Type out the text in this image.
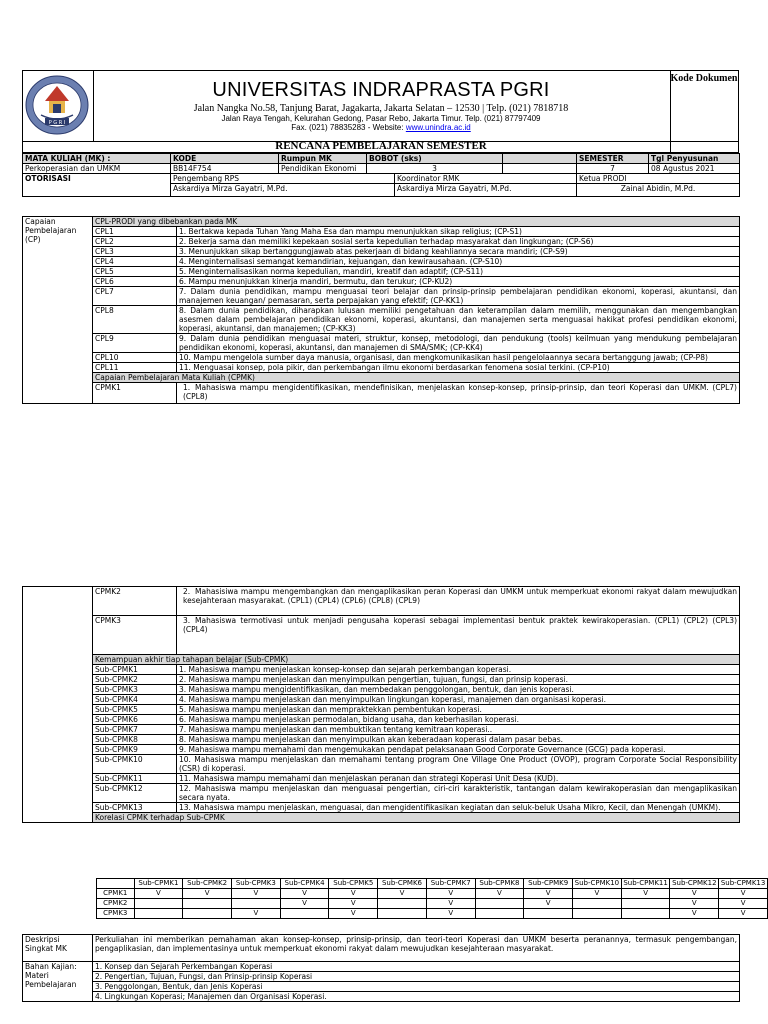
P G R I
UNIVERSITAS INDRAPRASTA PGRI
Jalan Nangka No.58, Tanjung Barat, Jagakarta, Jakarta Selatan – 12530 | Telp. (021) 7818718
Jalan Raya Tengah, Kelurahan Gedong, Pasar Rebo, Jakarta Timur. Telp. (021) 87797409
Fax. (021) 78835283 - Website: www.unindra.ac.id
Kode Dokumen
RENCANA PEMBELAJARAN SEMESTER
MATA KULIAH (MK) :	KODE	Rumpun MK	BOBOT (sks)			SEMESTER	Tgl Penyusunan
Perkoperasian dan UMKM	BB14F754	Pendidikan Ekonomi	3			7	08 Agustus 2021
OTORISASI	Pengembang RPS			Koordinator RMK		Ketua PRODI	
	Askardiya Mirza Gayatri, M.Pd.			Askardiya Mirza Gayatri, M.Pd.		Zainal Abidin, M.Pd.	
Capaian Pembelajaran (CP)	CPL-PRODI yang dibebankan pada MK	
	CPL1	1. Bertakwa kepada Tuhan Yang Maha Esa dan mampu menunjukkan sikap religius; (CP-S1)
	CPL2	2. Bekerja sama dan memiliki kepekaan sosial serta kepedulian terhadap masyarakat dan lingkungan; (CP-S6)
	CPL3	3. Menunjukkan sikap bertanggungjawab atas pekerjaan di bidang keahliannya secara mandiri; (CP-S9)
	CPL4	4. Menginternalisasi semangat kemandirian, kejuangan, dan kewirausahaan. (CP-S10)
	CPL5	5. Menginternalisasikan norma kepedulian, mandiri, kreatif dan adaptif; (CP-S11)
	CPL6	6. Mampu menunjukkan kinerja mandiri, bermutu, dan terukur; (CP-KU2)
	CPL7	7. Dalam dunia pendidikan, mampu menguasai teori belajar dan prinsip-prinsip pembelajaran pendidikan ekonomi, koperasi, akuntansi, dan manajemen keuangan/ pemasaran, serta perpajakan yang efektif; (CP-KK1)
	CPL8	8. Dalam dunia pendidikan, diharapkan lulusan memiliki pengetahuan dan keterampilan dalam memilih, menggunakan dan mengembangkan asesmen dalam pembelajaran pendidikan ekonomi, koperasi, akuntansi, dan manajemen serta menguasai hakikat profesi pendidikan ekonomi, koperasi, akuntansi, dan manajemen; (CP-KK3)
	CPL9	9. Dalam dunia pendidikan menguasai materi, struktur, konsep, metodologi, dan pendukung (tools) keilmuan yang mendukung pembelajaran pendidikan ekonomi, koperasi, akuntansi, dan manajemen di SMA/SMK; (CP-KK4)
	CPL10	10. Mampu mengelola sumber daya manusia, organisasi, dan mengkomunikasikan hasil pengelolaannya secara bertanggung jawab; (CP-P8)
	CPL11	11. Menguasai konsep, pola pikir, dan perkembangan ilmu ekonomi berdasarkan fenomena sosial terkini. (CP-P10)
	Capaian Pembelajaran Mata Kuliah (CPMK)	
	CPMK1	1. Mahasiswa mampu mengidentifikasikan, mendefinisikan, menjelaskan konsep-konsep, prinsip-prinsip, dan teori Koperasi dan UMKM. (CPL7) (CPL8)
	CPMK2	2. Mahasisiwa mampu mengembangkan dan mengaplikasikan peran Koperasi dan UMKM untuk memperkuat ekonomi rakyat dalam mewujudkan kesejahteraan masyarakat. (CPL1) (CPL4) (CPL6) (CPL8) (CPL9)
	CPMK3	3. Mahasiswa termotivasi untuk menjadi pengusaha koperasi sebagai implementasi bentuk praktek kewirakoperasian. (CPL1) (CPL2) (CPL3) (CPL4)
	Kemampuan akhir tiap tahapan belajar (Sub-CPMK)	
	Sub-CPMK1	1. Mahasiswa mampu menjelaskan konsep-konsep dan sejarah perkembangan koperasi.
	Sub-CPMK2	2. Mahasiswa mampu menjelaskan dan menyimpulkan pengertian, tujuan, fungsi, dan prinsip koperasi.
	Sub-CPMK3	3. Mahasiswa mampu mengidentifikasikan, dan membedakan penggolongan, bentuk, dan jenis koperasi.
	Sub-CPMK4	4. Mahasiswa mampu menjelaskan dan menyimpulkan lingkungan koperasi, manajemen dan organisasi koperasi.
	Sub-CPMK5	5. Mahasiswa mampu menjelaskan dan mempraktekkan pembentukan koperasi.
	Sub-CPMK6	6. Mahasiswa mampu menjelaskan permodalan, bidang usaha, dan keberhasilan koperasi.
	Sub-CPMK7	7. Mahasiswa mampu menjelaskan dan membuktikan tentang kemitraan koperasi..
	Sub-CPMK8	8. Mahasiswa mampu menjelaskan dan menyimpulkan akan keberadaan koperasi dalam pasar bebas.
	Sub-CPMK9	9. Mahasiswa mampu memahami dan mengemukakan pendapat pelaksanaan Good Corporate Governance (GCG) pada koperasi.
	Sub-CPMK10	10. Mahasiswa mampu menjelaskan dan memahami tentang program One Village One Product (OVOP), program Corporate Social Responsibility (CSR) di koperasi.
	Sub-CPMK11	11. Mahasiswa mampu memahami dan menjelaskan peranan dan strategi Koperasi Unit Desa (KUD).
	Sub-CPMK12	12. Mahasiswa mampu menjelaskan dan menguasai pengertian, ciri-ciri karakteristik, tantangan dalam kewirakoperasian dan mengaplikasikan secara nyata.
	Sub-CPMK13	13. Mahasiswa mampu menjelaskan, menguasai, dan mengidentifikasikan kegiatan dan seluk-beluk Usaha Mikro, Kecil, dan Menengah (UMKM).
	Korelasi CPMK terhadap Sub-CPMK	
	Sub-CPMK1	Sub-CPMK2	Sub-CPMK3	Sub-CPMK4	Sub-CPMK5	Sub-CPMK6	Sub-CPMK7	Sub-CPMK8	Sub-CPMK9	Sub-CPMK10	Sub-CPMK11	Sub-CPMK12	Sub-CPMK13
CPMK1	V	V	V	V	V	V	V	V	V	V	V	V	V
CPMK2				V	V		V		V			V	V
CPMK3			V		V		V					V	V
Deskripsi Singkat MK	Perkuliahan ini memberikan pemahaman akan konsep-konsep, prinsip-prinsip, dan teori-teori Koperasi dan UMKM beserta peranannya, termasuk pengembangan, pengaplikasian, dan implementasinya untuk memperkuat ekonomi rakyat dalam mewujudkan kesejahteraan masyarakat.
Bahan Kajian: Materi Pembelajaran	1. Konsep dan Sejarah Perkembangan Koperasi
	2. Pengertian, Tujuan, Fungsi, dan Prinsip-prinsip Koperasi
	3. Penggolongan, Bentuk, dan Jenis Koperasi
	4. Lingkungan Koperasi; Manajemen dan Organisasi Koperasi.
